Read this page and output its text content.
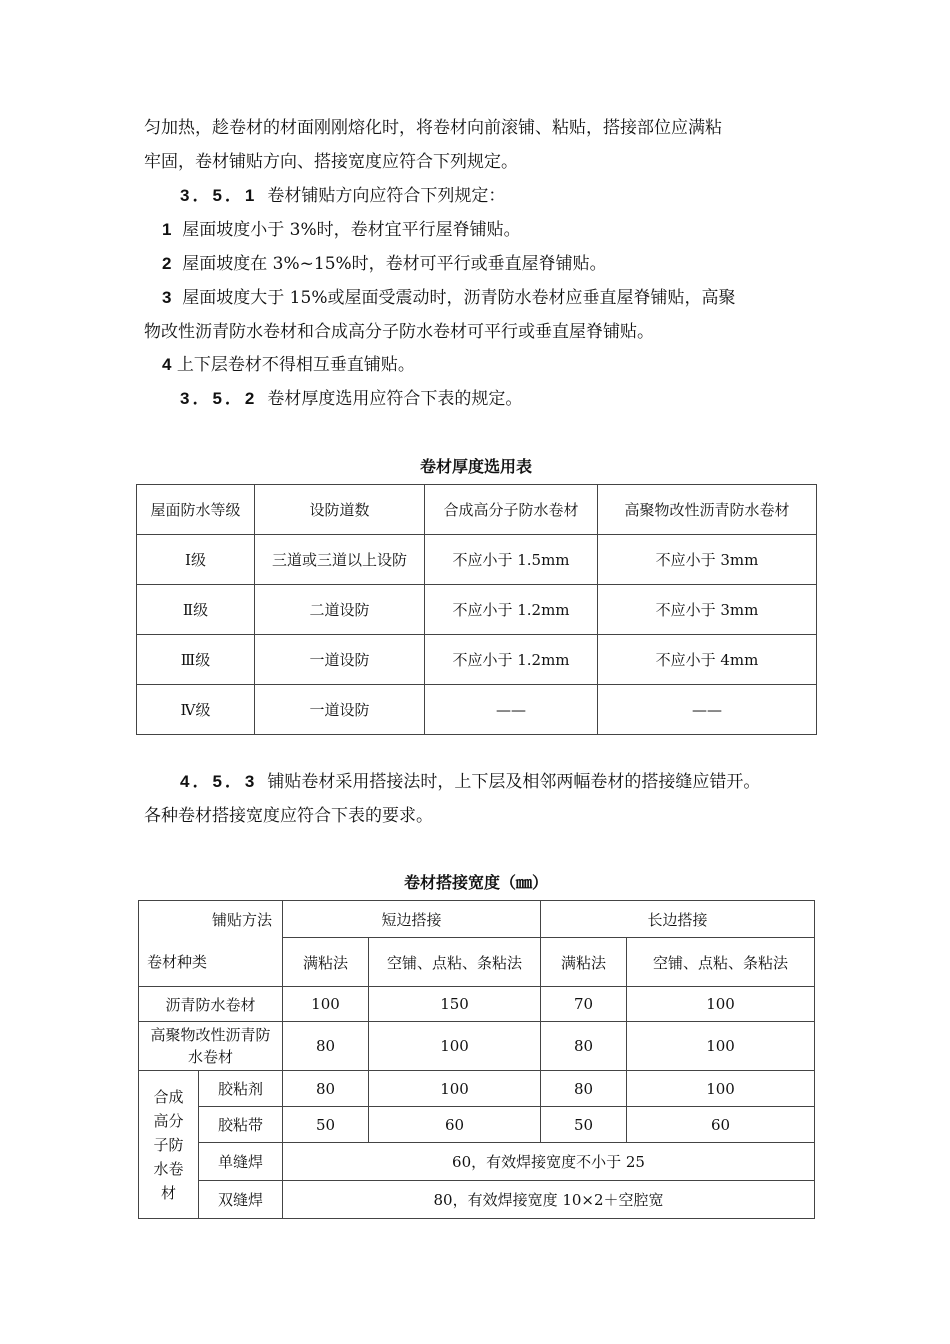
匀加热，趁卷材的材面刚刚熔化时，将卷材向前滚铺、粘贴，搭接部位应满粘
牢固，卷材铺贴方向、搭接宽度应符合下列规定。
3．5．1 卷材铺贴方向应符合下列规定：
1 屋面坡度小于 3%时，卷材宜平行屋脊铺贴。
2 屋面坡度在 3%~15%时，卷材可平行或垂直屋脊铺贴。
3 屋面坡度大于 15%或屋面受震动时，沥青防水卷材应垂直屋脊铺贴，高聚
物改性沥青防水卷材和合成高分子防水卷材可平行或垂直屋脊铺贴。
4 上下层卷材不得相互垂直铺贴。
3．5．2 卷材厚度选用应符合下表的规定。
卷材厚度选用表
屋面防水等级	设防道数	合成高分子防水卷材	高聚物改性沥青防水卷材
Ⅰ级	三道或三道以上设防	不应小于 1.5mm	不应小于 3mm
Ⅱ级	二道设防	不应小于 1.2mm	不应小于 3mm
Ⅲ级	一道设防	不应小于 1.2mm	不应小于 4mm
Ⅳ级	一道设防	——	——
4．5．3 铺贴卷材采用搭接法时，上下层及相邻两幅卷材的搭接缝应错开。
各种卷材搭接宽度应符合下表的要求。
卷材搭接宽度（㎜）
铺贴方法
卷材种类		短边搭接		长边搭接	
		满粘法	空铺、点粘、条粘法	满粘法	空铺、点粘、条粘法
沥青防水卷材		100	150	70	100
高聚物改性沥青防水卷材		80	100	80	100
合成高分子防水卷材	胶粘剂	80	100	80	100
	胶粘带	50	60	50	60
	单缝焊	60，有效焊接宽度不小于 25			
	双缝焊	80，有效焊接宽度 10×2＋空腔宽			
